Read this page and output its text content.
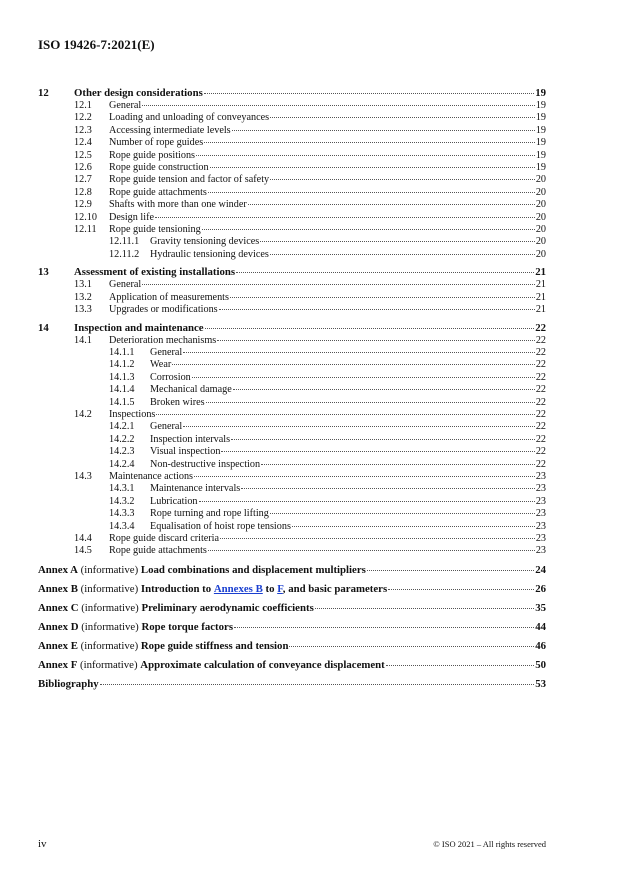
ISO 19426-7:2021(E)
12	Other design considerations	19
12.1	General	19
12.2	Loading and unloading of conveyances	19
12.3	Accessing intermediate levels	19
12.4	Number of rope guides	19
12.5	Rope guide positions	19
12.6	Rope guide construction	19
12.7	Rope guide tension and factor of safety	20
12.8	Rope guide attachments	20
12.9	Shafts with more than one winder	20
12.10	Design life	20
12.11	Rope guide tensioning	20
12.11.1	Gravity tensioning devices	20
12.11.2	Hydraulic tensioning devices	20
13	Assessment of existing installations	21
13.1	General	21
13.2	Application of measurements	21
13.3	Upgrades or modifications	21
14	Inspection and maintenance	22
14.1	Deterioration mechanisms	22
14.1.1	General	22
14.1.2	Wear	22
14.1.3	Corrosion	22
14.1.4	Mechanical damage	22
14.1.5	Broken wires	22
14.2	Inspections	22
14.2.1	General	22
14.2.2	Inspection intervals	22
14.2.3	Visual inspection	22
14.2.4	Non-destructive inspection	22
14.3	Maintenance actions	23
14.3.1	Maintenance intervals	23
14.3.2	Lubrication	23
14.3.3	Rope turning and rope lifting	23
14.3.4	Equalisation of hoist rope tensions	23
14.4	Rope guide discard criteria	23
14.5	Rope guide attachments	23
Annex A (informative) Load combinations and displacement multipliers	24
Annex B (informative) Introduction to Annexes B to F, and basic parameters	26
Annex C (informative) Preliminary aerodynamic coefficients	35
Annex D (informative) Rope torque factors	44
Annex E (informative) Rope guide stiffness and tension	46
Annex F (informative) Approximate calculation of conveyance displacement	50
Bibliography	53
iv	© ISO 2021 – All rights reserved
